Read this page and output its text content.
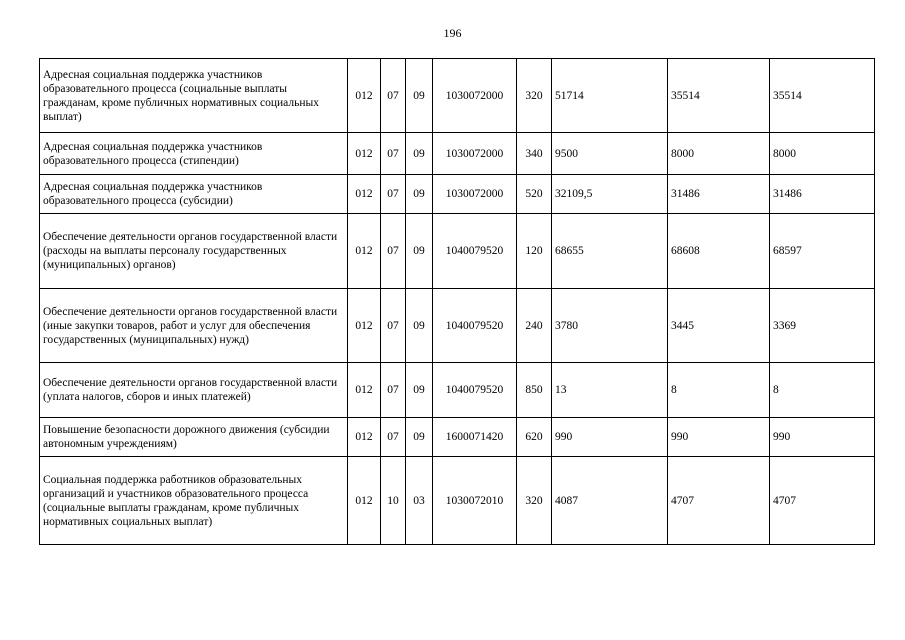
196
Адресная социальная поддержка участников образовательного процесса (социальные выплаты гражданам, кроме публичных нормативных социальных выплат)	012	07	09	1030072000	320	51714	35514	35514
Адресная социальная поддержка участников образовательного процесса (стипендии)	012	07	09	1030072000	340	9500	8000	8000
Адресная социальная поддержка участников образовательного процесса (субсидии)	012	07	09	1030072000	520	32109,5	31486	31486
Обеспечение деятельности органов государственной власти (расходы на выплаты персоналу государственных (муниципальных) органов)	012	07	09	1040079520	120	68655	68608	68597
Обеспечение деятельности органов государственной власти (иные закупки товаров, работ и услуг для обеспечения государственных (муниципальных) нужд)	012	07	09	1040079520	240	3780	3445	3369
Обеспечение деятельности органов государственной власти (уплата налогов, сборов и иных платежей)	012	07	09	1040079520	850	13	8	8
Повышение безопасности дорожного движения (субсидии автономным учреждениям)	012	07	09	1600071420	620	990	990	990
Социальная поддержка работников образовательных организаций и участников образовательного процесса (социальные выплаты гражданам, кроме публичных нормативных социальных выплат)	012	10	03	1030072010	320	4087	4707	4707
